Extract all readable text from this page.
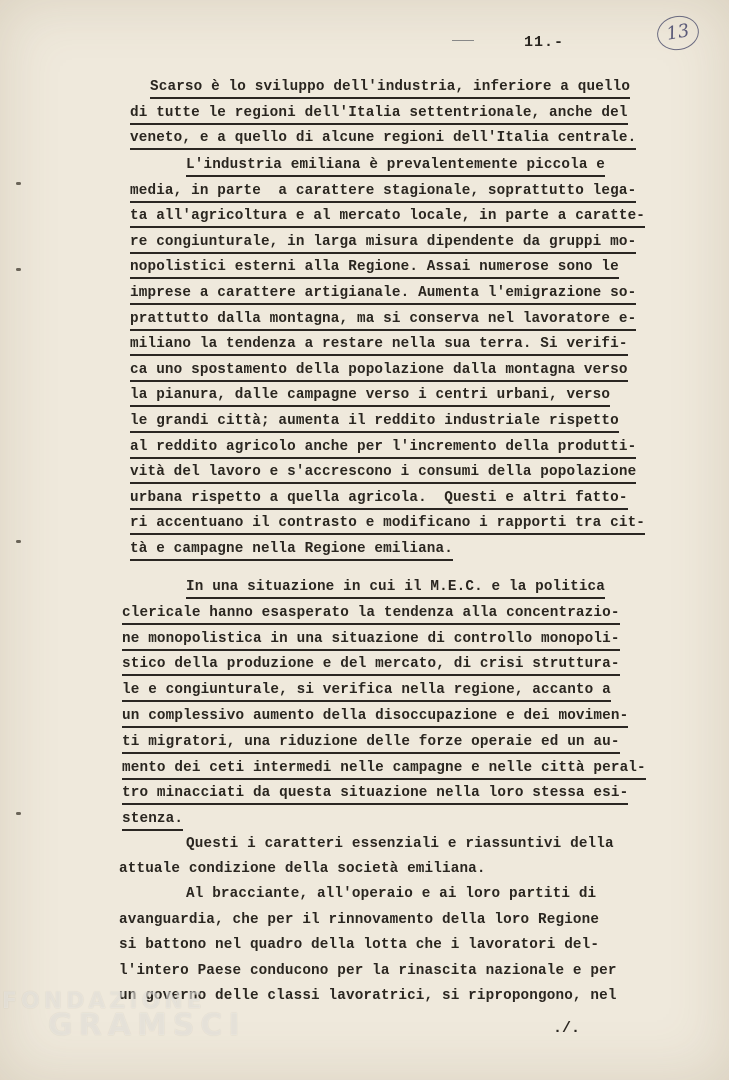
11.-	13
Scarso è lo sviluppo dell'industria, inferiore a quello
di tutte le regioni dell'Italia settentrionale, anche del
veneto, e a quello di alcune regioni dell'Italia centrale.
L'industria emiliana è prevalentemente piccola e
media, in parte  a carattere stagionale, soprattutto lega-
ta all'agricoltura e al mercato locale, in parte a caratte-
re congiunturale, in larga misura dipendente da gruppi mo-
nopolistici esterni alla Regione. Assai numerose sono le
imprese a carattere artigianale. Aumenta l'emigrazione so-
prattutto dalla montagna, ma si conserva nel lavoratore e-
miliano la tendenza a restare nella sua terra. Si verifi-
ca uno spostamento della popolazione dalla montagna verso
la pianura, dalle campagne verso i centri urbani, verso
le grandi città; aumenta il reddito industriale rispetto
al reddito agricolo anche per l'incremento della produtti-
vità del lavoro e s'accrescono i consumi della popolazione
urbana rispetto a quella agricola.  Questi e altri fatto-
ri accentuano il contrasto e modificano i rapporti tra cit-
tà e campagne nella Regione emiliana.
In una situazione in cui il M.E.C. e la politica
clericale hanno esasperato la tendenza alla concentrazio-
ne monopolistica in una situazione di controllo monopoli-
stico della produzione e del mercato, di crisi struttura-
le e congiunturale, si verifica nella regione, accanto a
un complessivo aumento della disoccupazione e dei movimen-
ti migratori, una riduzione delle forze operaie ed un au-
mento dei ceti intermedi nelle campagne e nelle città peral-
tro minacciati da questa situazione nella loro stessa esi-
stenza.
Questi i caratteri essenziali e riassuntivi della
attuale condizione della società emiliana.
Al bracciante, all'operaio e ai loro partiti di
avanguardia, che per il rinnovamento della loro Regione
si battono nel quadro della lotta che i lavoratori del-
l'intero Paese conducono per la rinascita nazionale e per
un governo delle classi lavoratrici, si ripropongono, nel
./.
FONDAZIONE
GRAMSCI
